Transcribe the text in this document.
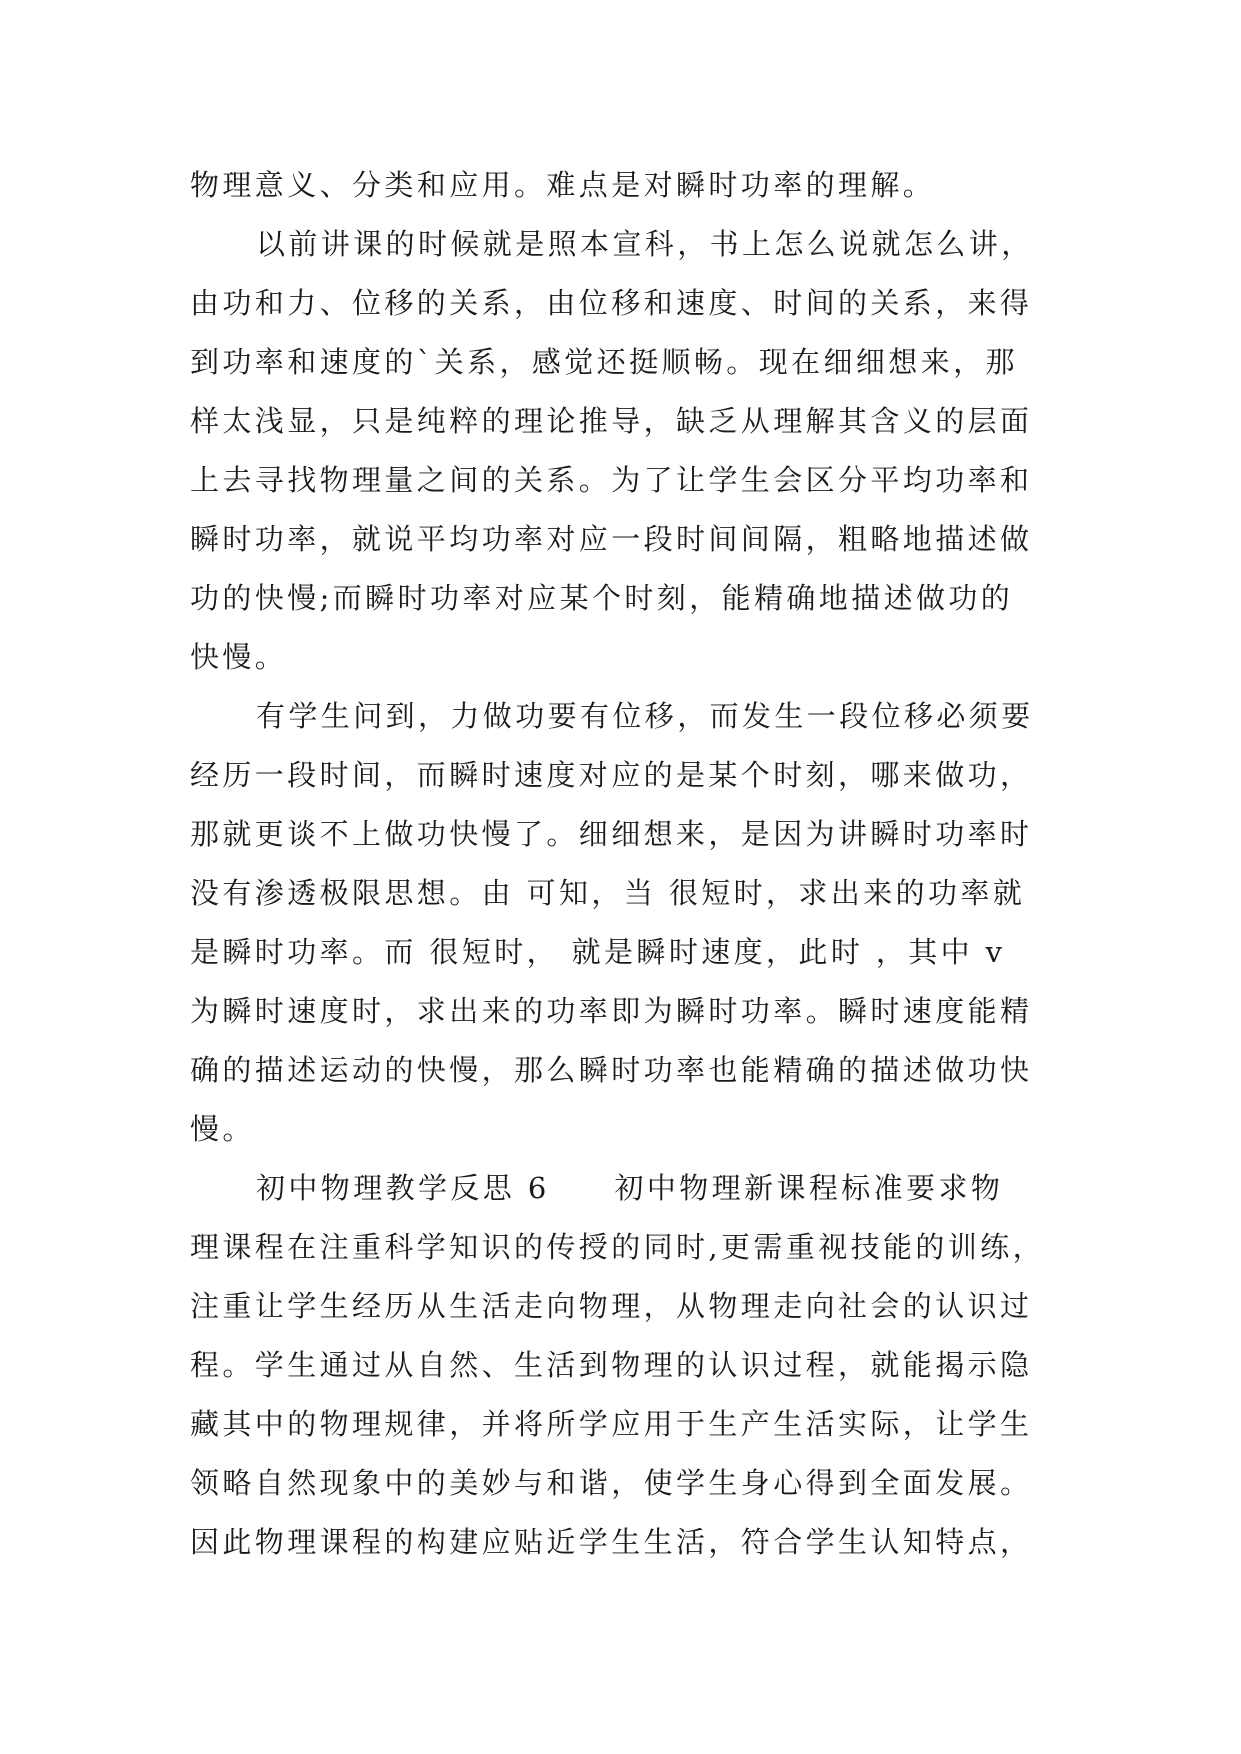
物理意义、分类和应用。难点是对瞬时功率的理解。
以前讲课的时候就是照本宣科，书上怎么说就怎么讲，
由功和力、位移的关系，由位移和速度、时间的关系，来得
到功率和速度的`关系，感觉还挺顺畅。现在细细想来，那
样太浅显，只是纯粹的理论推导，缺乏从理解其含义的层面
上去寻找物理量之间的关系。为了让学生会区分平均功率和
瞬时功率，就说平均功率对应一段时间间隔，粗略地描述做
功的快慢;而瞬时功率对应某个时刻，能精确地描述做功的
快慢。
有学生问到，力做功要有位移，而发生一段位移必须要
经历一段时间，而瞬时速度对应的是某个时刻，哪来做功，
那就更谈不上做功快慢了。细细想来，是因为讲瞬时功率时
没有渗透极限思想。由 可知，当 很短时，求出来的功率就
是瞬时功率。而 很短时， 就是瞬时速度，此时 ，其中 v
为瞬时速度时，求出来的功率即为瞬时功率。瞬时速度能精
确的描述运动的快慢，那么瞬时功率也能精确的描述做功快
慢。
初中物理教学反思 6　　初中物理新课程标准要求物
理课程在注重科学知识的传授的同时,更需重视技能的训练，
注重让学生经历从生活走向物理，从物理走向社会的认识过
程。学生通过从自然、生活到物理的认识过程，就能揭示隐
藏其中的物理规律，并将所学应用于生产生活实际，让学生
领略自然现象中的美妙与和谐，使学生身心得到全面发展。
因此物理课程的构建应贴近学生生活，符合学生认知特点，
